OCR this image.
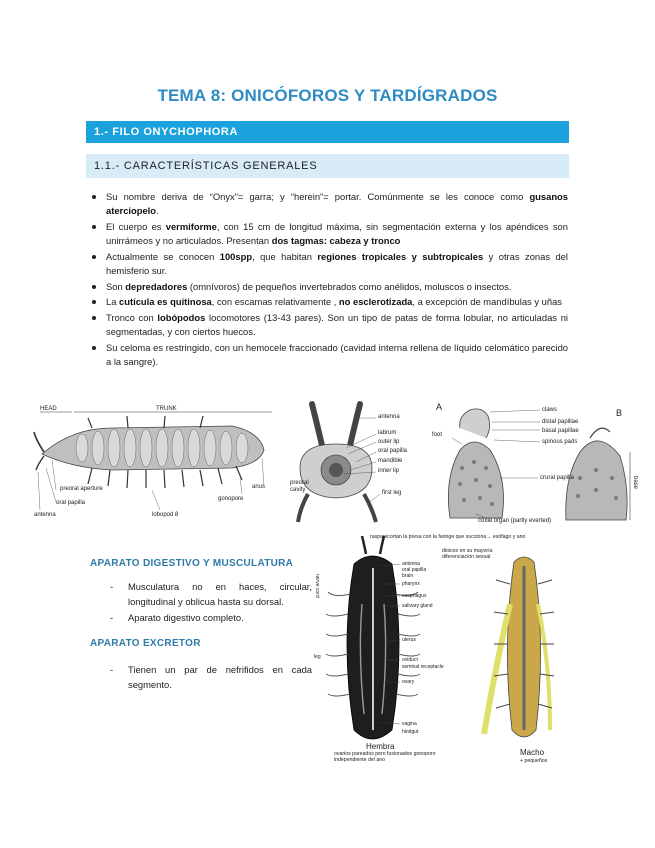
TEMA 8: ONICÓFOROS Y TARDÍGRADOS
1.- FILO ONYCHOPHORA
1.1.- CARACTERÍSTICAS GENERALES
Su nombre deriva de “Onyx”= garra; y “herein”= portar. Comúnmente se les conoce como gusanos aterciopelo.
El cuerpo es vermiforme, con 15 cm de longitud máxima, sin segmentación externa y los apéndices son unirrámeos y no articulados. Presentan dos tagmas: cabeza y tronco
Actualmente se conocen 100spp, que habitan regiones tropicales y subtropicales y otras zonas del hemisferio sur.
Son depredadores (omnívoros) de pequeños invertebrados como anélidos, moluscos o insectos.
La cutícula es quitinosa, con escamas relativamente , no esclerotizada, a excepción de mandíbulas y uñas
Tronco con lobópodos locomotores (13-43 pares). Son un tipo de patas de forma lobular, no articuladas ni segmentadas, y con ciertos huecos.
Su celoma es restringido, con un hemocele fraccionado (cavidad interna rellena de líquido celomático parecido a la sangre).
HEAD	TRUNK
preoral aperture
oral papilla
antenna	lobopod 8
gonopore
anus
antenna
labrum
outer lip
oral papilla
mandible
inner lip
preoral cavity	first leg
A
B
claws
distal papillae
basal papillae
foot
spinous pads
crural papilla
coxal organ (partly everted)
base
APARATO DIGESTIVO Y MUSCULATURA
-	Musculatura no en haces, circular, longitudinal y oblicua hasta su dorsal.
-	Aparato digestivo completo.
APARATO EXCRETOR
-	Tienen un par de nefrifidos en cada segmento.
raspan/cortan la presa con la faringe que succiona→ esófago y ano
dioicos en su mayoría diferenciación sexual
antenna
oral papilla
brain
pharynx
esophagus
salivary gland
uterus
oviduct
seminal receptacle
ovary
vagina
hindgut
nerve cord
leg
Hembra
ovarios pareados pero fusionados gonoporo independiente del ano
Macho
+ pequeños
